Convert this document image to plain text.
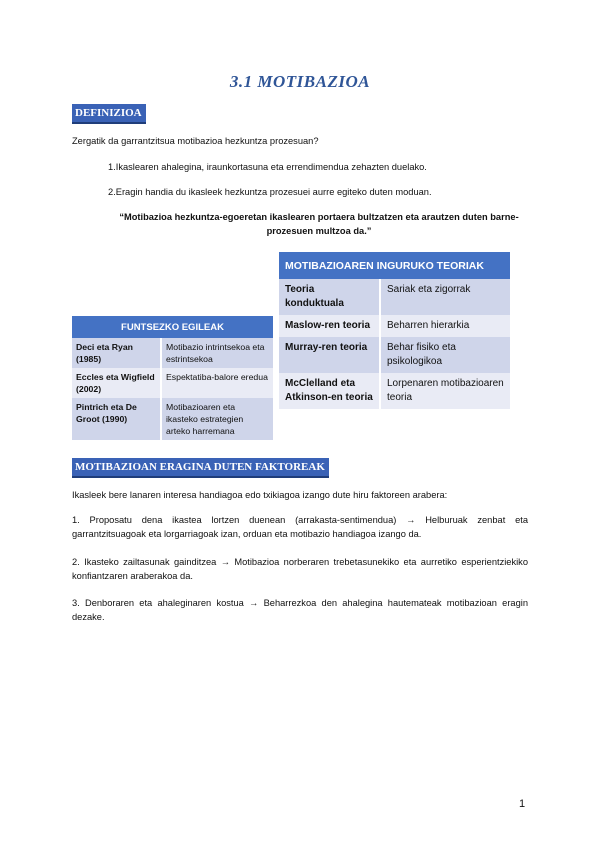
3.1 MOTIBAZIOA
DEFINIZIOA
Zergatik da garrantzitsua motibazioa hezkuntza prozesuan?
1.Ikaslearen ahalegina, iraunkortasuna eta errendimendua zehazten duelako.
2.Eragin handia du ikasleek hezkuntza prozesuei aurre egiteko duten moduan.
“Motibazioa hezkuntza-egoeretan ikaslearen portaera bultzatzen eta arautzen duten barne-prozesuen multzoa da.”
MOTIBAZIOAREN INGURUKO TEORIAK	
Teoria konduktuala	Sariak eta zigorrak
Maslow-ren teoria	Beharren hierarkia
Murray-ren teoria	Behar fisiko eta psikologikoa
McClelland eta Atkinson-en teoria	Lorpenaren motibazioaren teoria
FUNTSEZKO EGILEAK	
Deci eta Ryan (1985)	Motibazio intrintsekoa eta estrintsekoa
Eccles eta Wigfield (2002)	Espektatiba-balore eredua
Pintrich eta De Groot (1990)	Motibazioaren eta ikasteko estrategien arteko harremana
MOTIBAZIOAN ERAGINA DUTEN FAKTOREAK
Ikasleek bere lanaren interesa handiagoa edo txikiagoa izango dute hiru faktoreen arabera:
1. Proposatu dena ikastea lortzen duenean (arrakasta-sentimendua) → Helburuak zenbat eta garrantzitsuagoak eta lorgarriagoak izan, orduan eta motibazio handiagoa izango da.
2. Ikasteko zailtasunak gainditzea → Motibazioa norberaren trebetasunekiko eta aurretiko esperientziekiko konfiantzaren araberakoa da.
3. Denboraren eta ahaleginaren kostua → Beharrezkoa den ahalegina hautemateak motibazioan eragin dezake.
1
